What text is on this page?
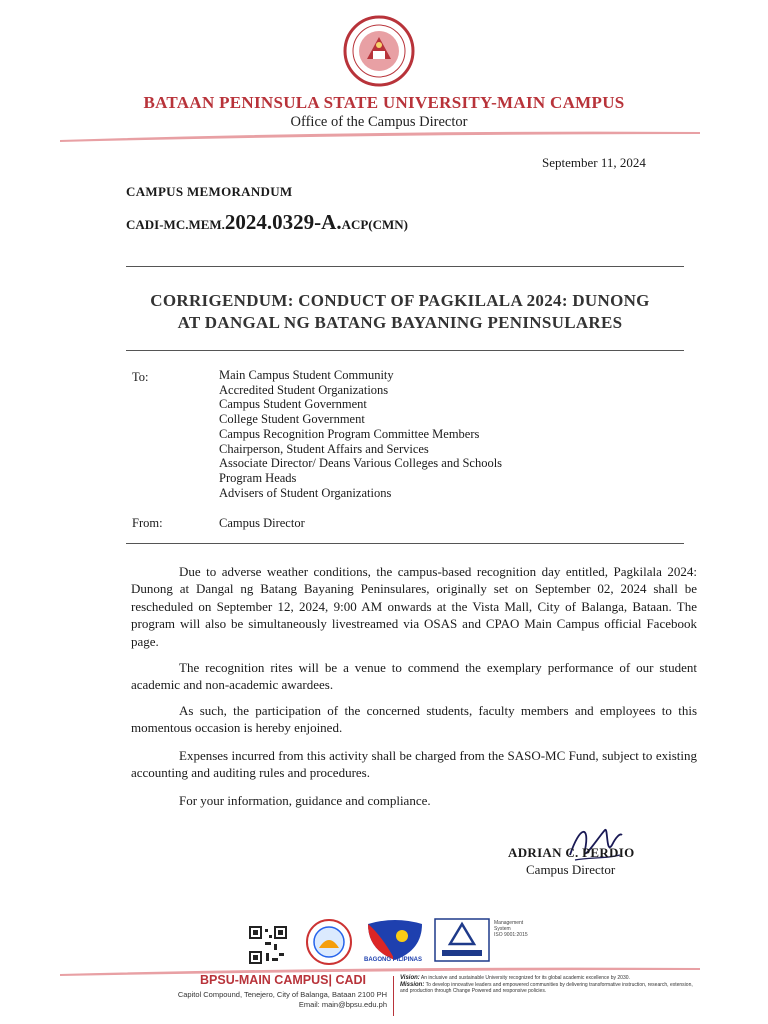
BATAAN PENINSULA STATE UNIVERSITY-MAIN CAMPUS
Office of the Campus Director
September 11, 2024
CAMPUS MEMORANDUM
CADI-MC.MEM.2024.0329-A.ACP(CMN)
CORRIGENDUM: CONDUCT OF PAGKILALA 2024: DUNONG
AT DANGAL NG BATANG BAYANING PENINSULARES
To:	Main Campus Student Community
Accredited Student Organizations
Campus Student Government
College Student Government
Campus Recognition Program Committee Members
Chairperson, Student Affairs and Services
Associate Director/ Deans Various Colleges and Schools
Program Heads
Advisers of Student Organizations
From:	Campus Director

Due to adverse weather conditions, the campus-based recognition day entitled, Pagkilala 2024: Dunong at Dangal ng Batang Bayaning Peninsulares, originally set on September 02, 2024 shall be rescheduled on September 12, 2024, 9:00 AM onwards at the Vista Mall, City of Balanga, Bataan. The program will also be simultaneously livestreamed via OSAS and CPAO Main Campus official Facebook page.

The recognition rites will be a venue to commend the exemplary performance of our student academic and non-academic awardees.

As such, the participation of the concerned students, faculty members and employees to this momentous occasion is hereby enjoined.

Expenses incurred from this activity shall be charged from the SASO-MC Fund, subject to existing accounting and auditing rules and procedures.

For your information, guidance and compliance.

ADRIAN C. PERDIO
Campus Director
BAGONG PILIPINAS
Management
System
ISO 9001:2015
BPSU-MAIN CAMPUS| CADI
Capitol Compound, Tenejero, City of Balanga, Bataan 2100 PH
Email: main@bpsu.edu.ph
Vision: An inclusive and sustainable University recognized for its global academic excellence by 2030.
Mission: To develop innovative leaders and empowered communities by delivering transformative instruction, research, extension, and production through Change Powered and responsive policies.
